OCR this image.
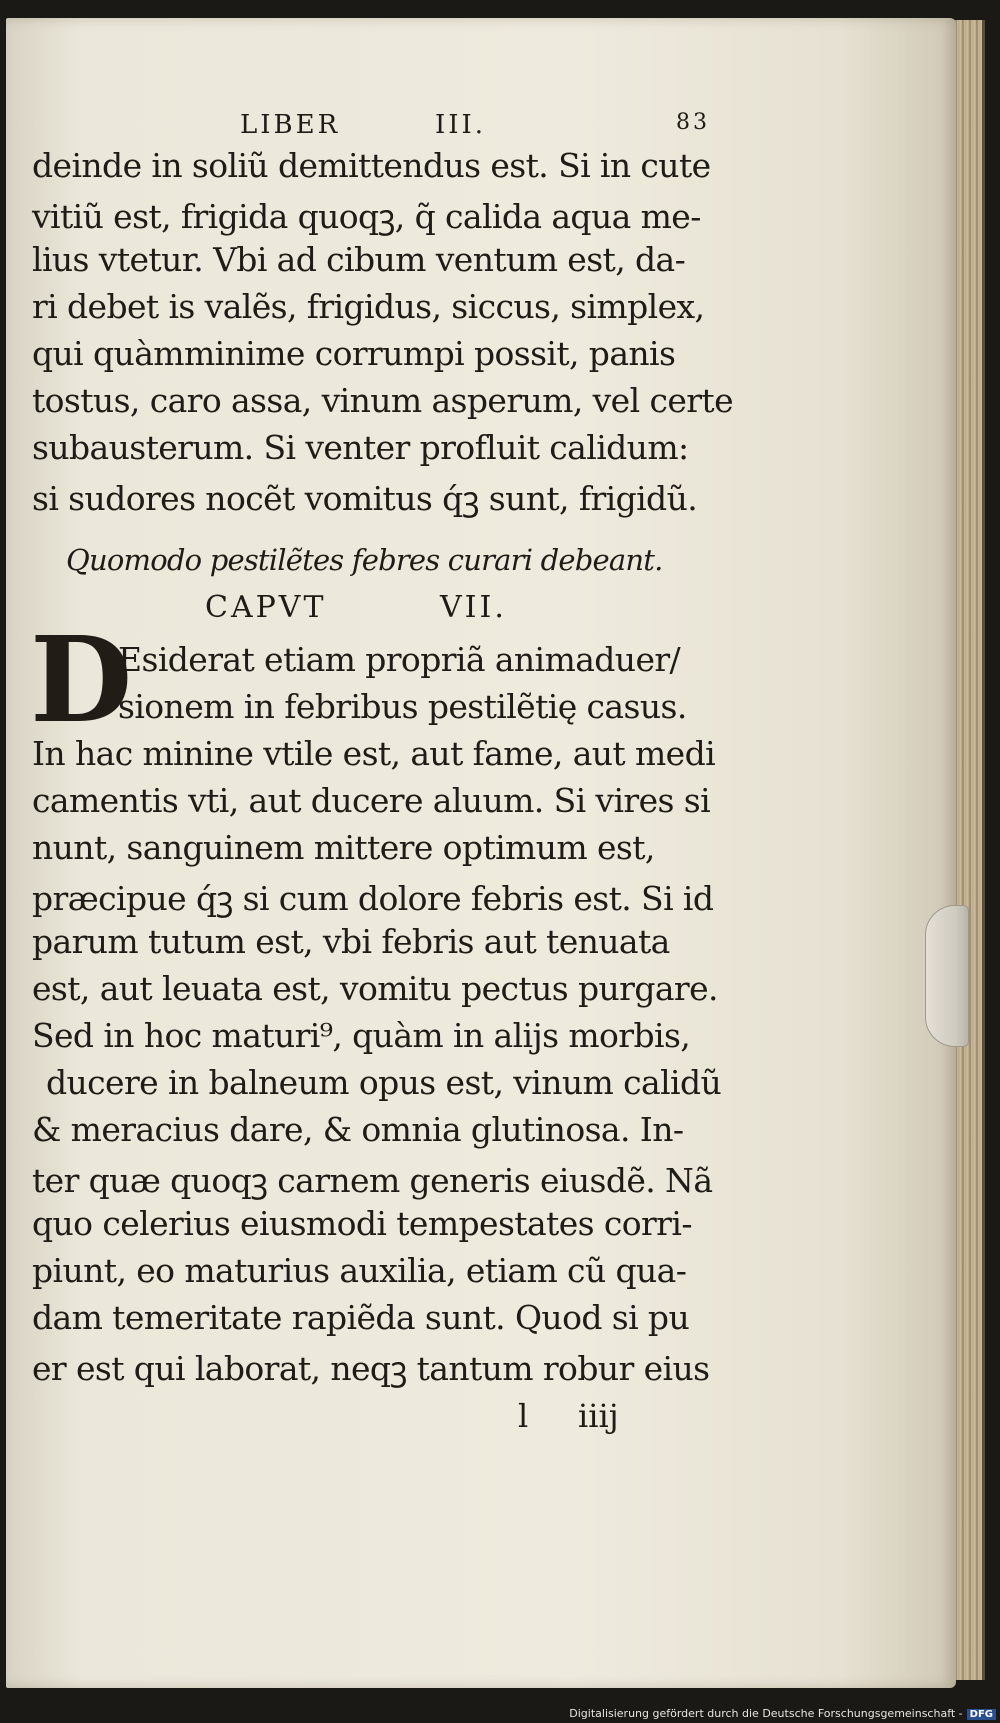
LIBER	III.	83
deinde in soliũ demittendus est. Si in cute
vitiũ est, frigida quoqꝫ, q̃ calida aqua me-
lius vtetur. Vbi ad cibum ventum est, da-
ri debet is valẽs, frigidus, siccus, simplex,
qui quàmminime corrumpi possit, panis
tostus, caro assa, vinum asperum, vel certe
subausterum. Si venter profluit calidum:
si sudores nocẽt vomitus q́ꝫ sunt, frigidũ.
Quomodo pestilẽtes febres curari debeant.
CAPVT	VII.
D
Esiderat etiam propriã animaduer/
sionem in febribus pestilẽtię casus.
In hac minine vtile est, aut fame, aut medi
camentis vti, aut ducere aluum. Si vires si
nunt, sanguinem mittere optimum est,
præcipue q́ꝫ si cum dolore febris est. Si id
parum tutum est, vbi febris aut tenuata
est, aut leuata est, vomitu pectus purgare.
Sed in hoc maturi⁹, quàm in alijs morbis,
ducere in balneum opus est, vinum calidũ
& meracius dare, & omnia glutinosa. In-
ter quæ quoqꝫ carnem generis eiusdẽ. Nã
quo celerius eiusmodi tempestates corri-
piunt, eo maturius auxilia, etiam cũ qua-
dam temeritate rapiẽda sunt. Quod si pu
er est qui laborat, neqꝫ tantum robur eius
l iiij
Digitalisierung gefördert durch die Deutsche Forschungsgemeinschaft - DFG
